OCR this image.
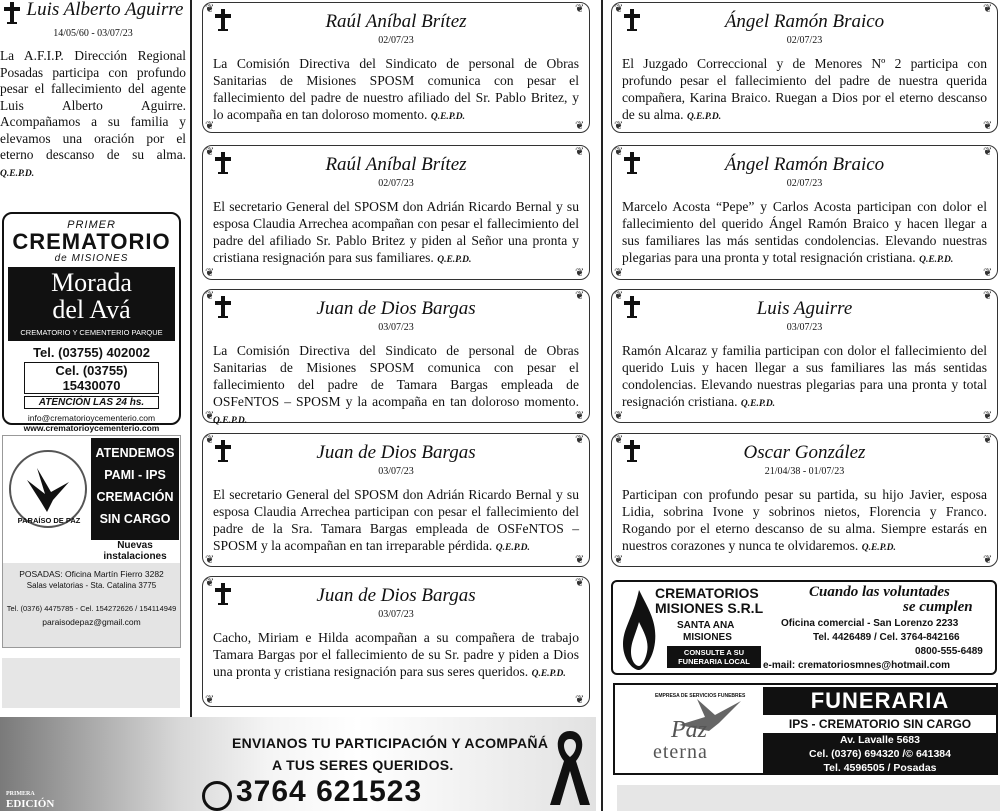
Luis Alberto Aguirre
14/05/60 - 03/07/23
La A.F.I.P. Dirección Regional Posadas participa con profundo pesar el fallecimiento del agente Luis Alberto Aguirre. Acompañamos a su familia y elevamos una oración por el eterno descanso de su alma. Q.E.P.D.
PRIMER
CREMATORIO
de MISIONES
Morada
del Avá
CREMATORIO Y CEMENTERIO PARQUE
Tel. (03755) 402002
Cel. (03755) 15430070
ATENCIÓN LAS 24 hs.
info@crematorioycementerio.com
www.crematorioycementerio.com
PARAÍSO DE PAZ
ATENDEMOS
PAMI - IPS
CREMACIÓN
SIN CARGO
Nuevas instalaciones
POSADAS: Oficina Martín Fierro 3282
Salas velatorias - Sta. Catalina 3775
Tel. (0376) 4475785 - Cel. 154272626 / 154114949
paraisodepaz@gmail.com
❦	❦
❦	❦
Raúl Aníbal Brítez
02/07/23
La Comisión Directiva del Sindicato de personal de Obras Sanitarias de Misiones SPOSM comunica con pesar el fallecimiento del padre de nuestro afiliado del Sr. Pablo Britez, y lo acompaña en tan doloroso momento. Q.E.P.D.
❦	❦
❦	❦
Raúl Aníbal Brítez
02/07/23
El secretario General del SPOSM don Adrián Ricardo Bernal y su esposa Claudia Arrechea acompañan con pesar el fallecimiento del padre del afiliado Sr. Pablo Britez y piden al Señor una pronta y cristiana resignación para sus familiares. Q.E.P.D.
❦	❦
❦	❦
Juan de Dios Bargas
03/07/23
La Comisión Directiva del Sindicato de personal de Obras Sanitarias de Misiones SPOSM comunica con pesar el fallecimiento del padre de Tamara Bargas empleada de OSFeNTOS – SPOSM y la acompaña en tan doloroso momento. Q.E.P.D.
❦	❦
❦	❦
Juan de Dios Bargas
03/07/23
El secretario General del SPOSM don Adrián Ricardo Bernal y su esposa Claudia Arrechea participan con pesar el fallecimiento del padre de la Sra. Tamara Bargas empleada de OSFeNTOS – SPOSM y la acompañan en tan irreparable pérdida. Q.E.P.D.
❦	❦
❦	❦
Juan de Dios Bargas
03/07/23
Cacho, Miriam e Hilda acompañan a su compañera de trabajo Tamara Bargas por el fallecimiento de su Sr. padre y piden a Dios una pronta y cristiana resignación para sus seres queridos. Q.E.P.D.
❦	❦
❦	❦
Ángel Ramón Braico
02/07/23
El Juzgado Correccional y de Menores Nº 2 participa con profundo pesar el fallecimiento del padre de nuestra querida compañera, Karina Braico. Ruegan a Dios por el eterno descanso de su alma. Q.E.P.D.
❦	❦
❦	❦
Ángel Ramón Braico
02/07/23
Marcelo Acosta “Pepe” y Carlos Acosta participan con dolor el fallecimiento del querido Ángel Ramón Braico y hacen llegar a sus familiares las más sentidas condolencias. Elevando nuestras plegarias para una pronta y total resignación cristiana. Q.E.P.D.
❦	❦
❦	❦
Luis Aguirre
03/07/23
Ramón Alcaraz y familia participan con dolor el fallecimiento del querido Luis y hacen llegar a sus familiares las más sentidas condolencias. Elevando nuestras plegarias para una pronta y total resignación cristiana. Q.E.P.D.
❦	❦
❦	❦
Oscar González
21/04/38 - 01/07/23
Participan con profundo pesar su partida, su hijo Javier, esposa Lidia, sobrina Ivone y sobrinos nietos, Florencia y Franco. Rogando por el eterno descanso de su alma. Siempre estarás en nuestros corazones y nunca te olvidaremos. Q.E.P.D.
CREMATORIOS
MISIONES S.R.L
SANTA ANA
MISIONES
CONSULTE A SU FUNERARIA LOCAL
Cuando las voluntades
se cumplen
Oficina comercial - San Lorenzo 2233
Tel. 4426489 / Cel. 3764-842166
0800-555-6489
e-mail: crematoriosmnes@hotmail.com
EMPRESA DE SERVICIOS FUNEBRES
Paz
eterna
FUNERARIA
IPS - CREMATORIO SIN CARGO
Av. Lavalle 5683
Cel. (0376) 694320 /© 641384
Tel. 4596505 / Posadas
PRIMERA
EDICIÓN
ENVIANOS TU PARTICIPACIÓN Y ACOMPAÑÁ
A TUS SERES QUERIDOS.
3764 621523
